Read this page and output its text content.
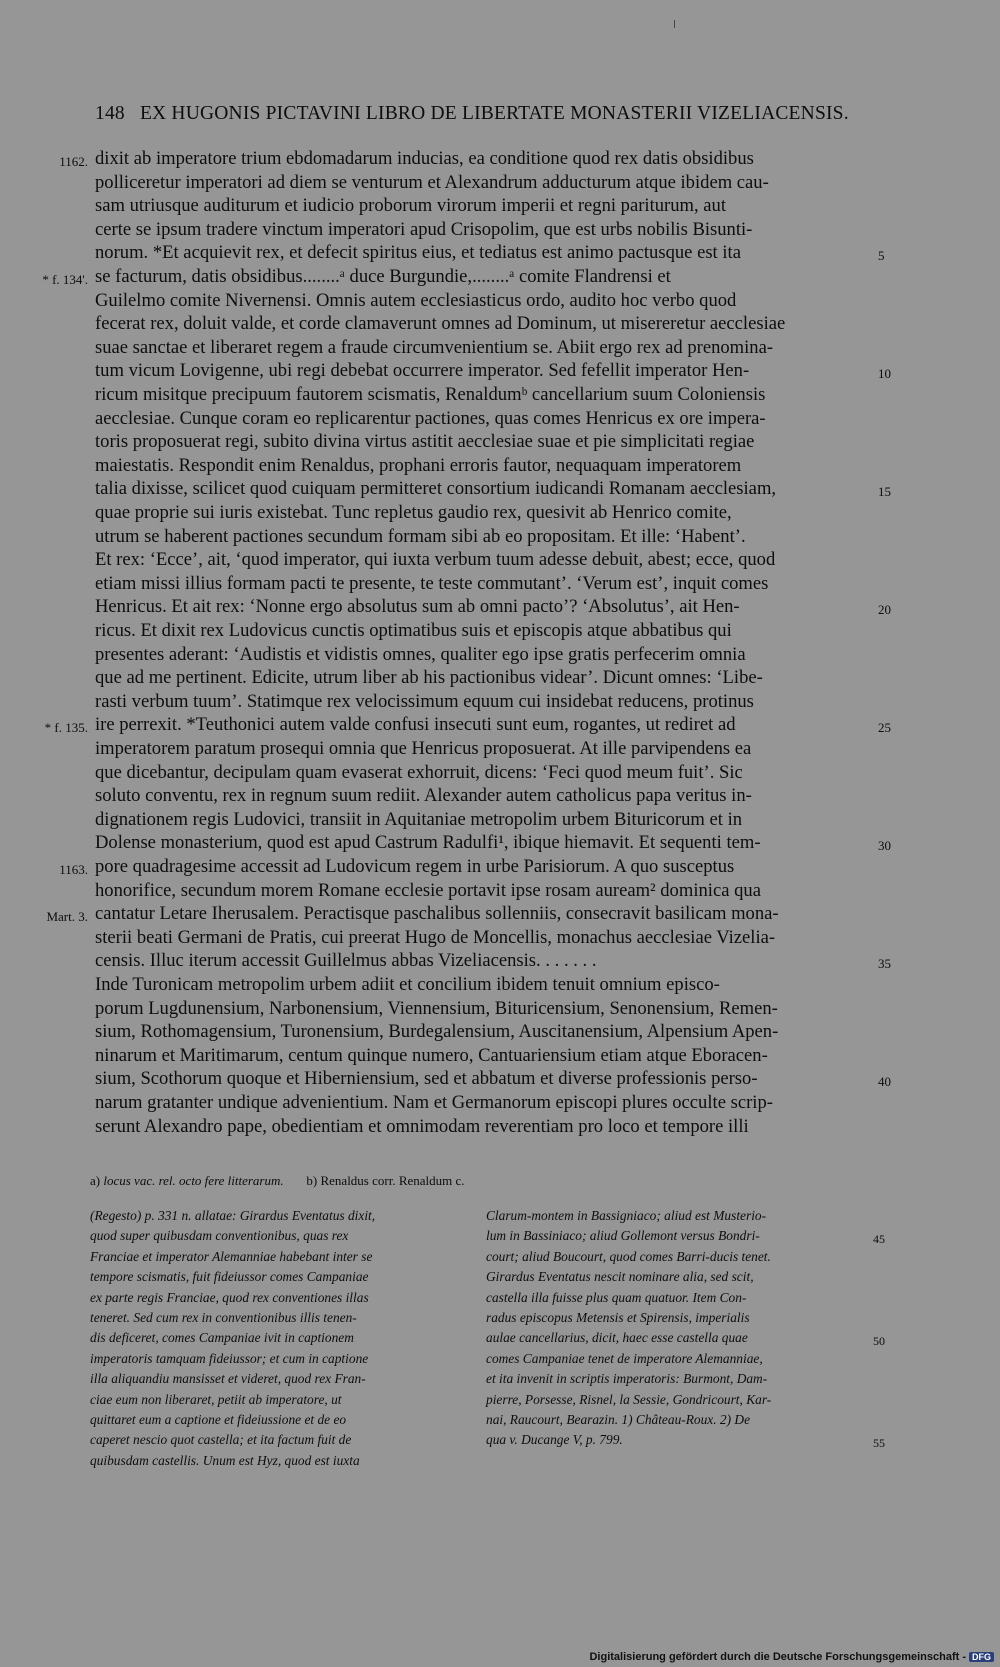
148 EX HUGONIS PICTAVINI LIBRO DE LIBERTATE MONASTERII VIZELIACENSIS.
dixit ab imperatore trium ebdomadarum inducias, ea conditione quod rex datis obsidibus
polliceretur imperatori ad diem se venturum et Alexandrum adducturum atque ibidem cau-
sam utriusque auditurum et iudicio proborum virorum imperii et regni pariturum, aut
certe se ipsum tradere vinctum imperatori apud Crisopolim, que est urbs nobilis Bisunti-
norum. *Et acquievit rex, et defecit spiritus eius, et tediatus est animo pactusque est ita
se facturum, datis obsidibus........ᵃ duce Burgundie,........ᵃ comite Flandrensi et
Guilelmo comite Nivernensi. Omnis autem ecclesiasticus ordo, audito hoc verbo quod
fecerat rex, doluit valde, et corde clamaverunt omnes ad Dominum, ut misereretur aecclesiae
suae sanctae et liberaret regem a fraude circumvenientium se. Abiit ergo rex ad prenomina-
tum vicum Lovigenne, ubi regi debebat occurrere imperator. Sed fefellit imperator Hen-
ricum misitque precipuum fautorem scismatis, Renaldumᵇ cancellarium suum Coloniensis
aecclesiae. Cunque coram eo replicarentur pactiones, quas comes Henricus ex ore impera-
toris proposuerat regi, subito divina virtus astitit aecclesiae suae et pie simplicitati regiae
maiestatis. Respondit enim Renaldus, prophani erroris fautor, nequaquam imperatorem
talia dixisse, scilicet quod cuiquam permitteret consortium iudicandi Romanam aecclesiam,
quae proprie sui iuris existebat. Tunc repletus gaudio rex, quesivit ab Henrico comite,
utrum se haberent pactiones secundum formam sibi ab eo propositam. Et ille: ‘Habent’.
Et rex: ‘Ecce’, ait, ‘quod imperator, qui iuxta verbum tuum adesse debuit, abest; ecce, quod
etiam missi illius formam pacti te presente, te teste commutant’. ‘Verum est’, inquit comes
Henricus. Et ait rex: ‘Nonne ergo absolutus sum ab omni pacto’? ‘Absolutus’, ait Hen-
ricus. Et dixit rex Ludovicus cunctis optimatibus suis et episcopis atque abbatibus qui
presentes aderant: ‘Audistis et vidistis omnes, qualiter ego ipse gratis perfecerim omnia
que ad me pertinent. Edicite, utrum liber ab his pactionibus videar’. Dicunt omnes: ‘Libe-
rasti verbum tuum’. Statimque rex velocissimum equum cui insidebat reducens, protinus
ire perrexit. *Teuthonici autem valde confusi insecuti sunt eum, rogantes, ut rediret ad
imperatorem paratum prosequi omnia que Henricus proposuerat. At ille parvipendens ea
que dicebantur, decipulam quam evaserat exhorruit, dicens: ‘Feci quod meum fuit’. Sic
soluto conventu, rex in regnum suum rediit. Alexander autem catholicus papa veritus in-
dignationem regis Ludovici, transiit in Aquitaniae metropolim urbem Bituricorum et in
Dolense monasterium, quod est apud Castrum Radulfi¹, ibique hiemavit. Et sequenti tem-
pore quadragesime accessit ad Ludovicum regem in urbe Parisiorum. A quo susceptus
honorifice, secundum morem Romane ecclesie portavit ipse rosam auream² dominica qua
cantatur Letare Iherusalem. Peractisque paschalibus sollenniis, consecravit basilicam mona-
sterii beati Germani de Pratis, cui preerat Hugo de Moncellis, monachus aecclesiae Vizelia-
censis. Illuc iterum accessit Guillelmus abbas Vizeliacensis. . . . . . .
Inde Turonicam metropolim urbem adiit et concilium ibidem tenuit omnium episco-
porum Lugdunensium, Narbonensium, Viennensium, Bituricensium, Senonensium, Remen-
sium, Rothomagensium, Turonensium, Burdegalensium, Auscitanensium, Alpensium Apen-
ninarum et Maritimarum, centum quinque numero, Cantuariensium etiam atque Eboracen-
sium, Scothorum quoque et Hiberniensium, sed et abbatum et diverse professionis perso-
narum gratanter undique advenientium. Nam et Germanorum episcopi plures occulte scrip-
serunt Alexandro pape, obedientiam et omnimodam reverentiam pro loco et tempore illi
1162.
* f. 134'.
* f. 135.
1163.
Mart. 3.
5
10
15
20
25
30
35
40
a) locus vac. rel. octo fere litterarum. b) Renaldus corr. Renaldum c.
(Regesto) p. 331 n. allatae: Girardus Eventatus dixit,
quod super quibusdam conventionibus, quas rex
Franciae et imperator Alemanniae habebant inter se
tempore scismatis, fuit fideiussor comes Campaniae
ex parte regis Franciae, quod rex conventiones illas
teneret. Sed cum rex in conventionibus illis tenen-
dis deficeret, comes Campaniae ivit in captionem
imperatoris tamquam fideiussor; et cum in captione
illa aliquandiu mansisset et videret, quod rex Fran-
ciae eum non liberaret, petiit ab imperatore, ut
quittaret eum a captione et fideiussione et de eo
caperet nescio quot castella; et ita factum fuit de
quibusdam castellis. Unum est Hyz, quod est iuxta
Clarum-montem in Bassigniaco; aliud est Musterio-
lum in Bassiniaco; aliud Gollemont versus Bondri-
court; aliud Boucourt, quod comes Barri-ducis tenet.
Girardus Eventatus nescit nominare alia, sed scit,
castella illa fuisse plus quam quatuor. Item Con-
radus episcopus Metensis et Spirensis, imperialis
aulae cancellarius, dicit, haec esse castella quae
comes Campaniae tenet de imperatore Alemanniae,
et ita invenit in scriptis imperatoris: Burmont, Dam-
pierre, Porsesse, Risnel, la Sessie, Gondricourt, Kar-
nai, Raucourt, Bearazin. 1) Château-Roux. 2) De
qua v. Ducange V, p. 799.
45
50
55
Digitalisierung gefördert durch die Deutsche Forschungsgemeinschaft - DFG
